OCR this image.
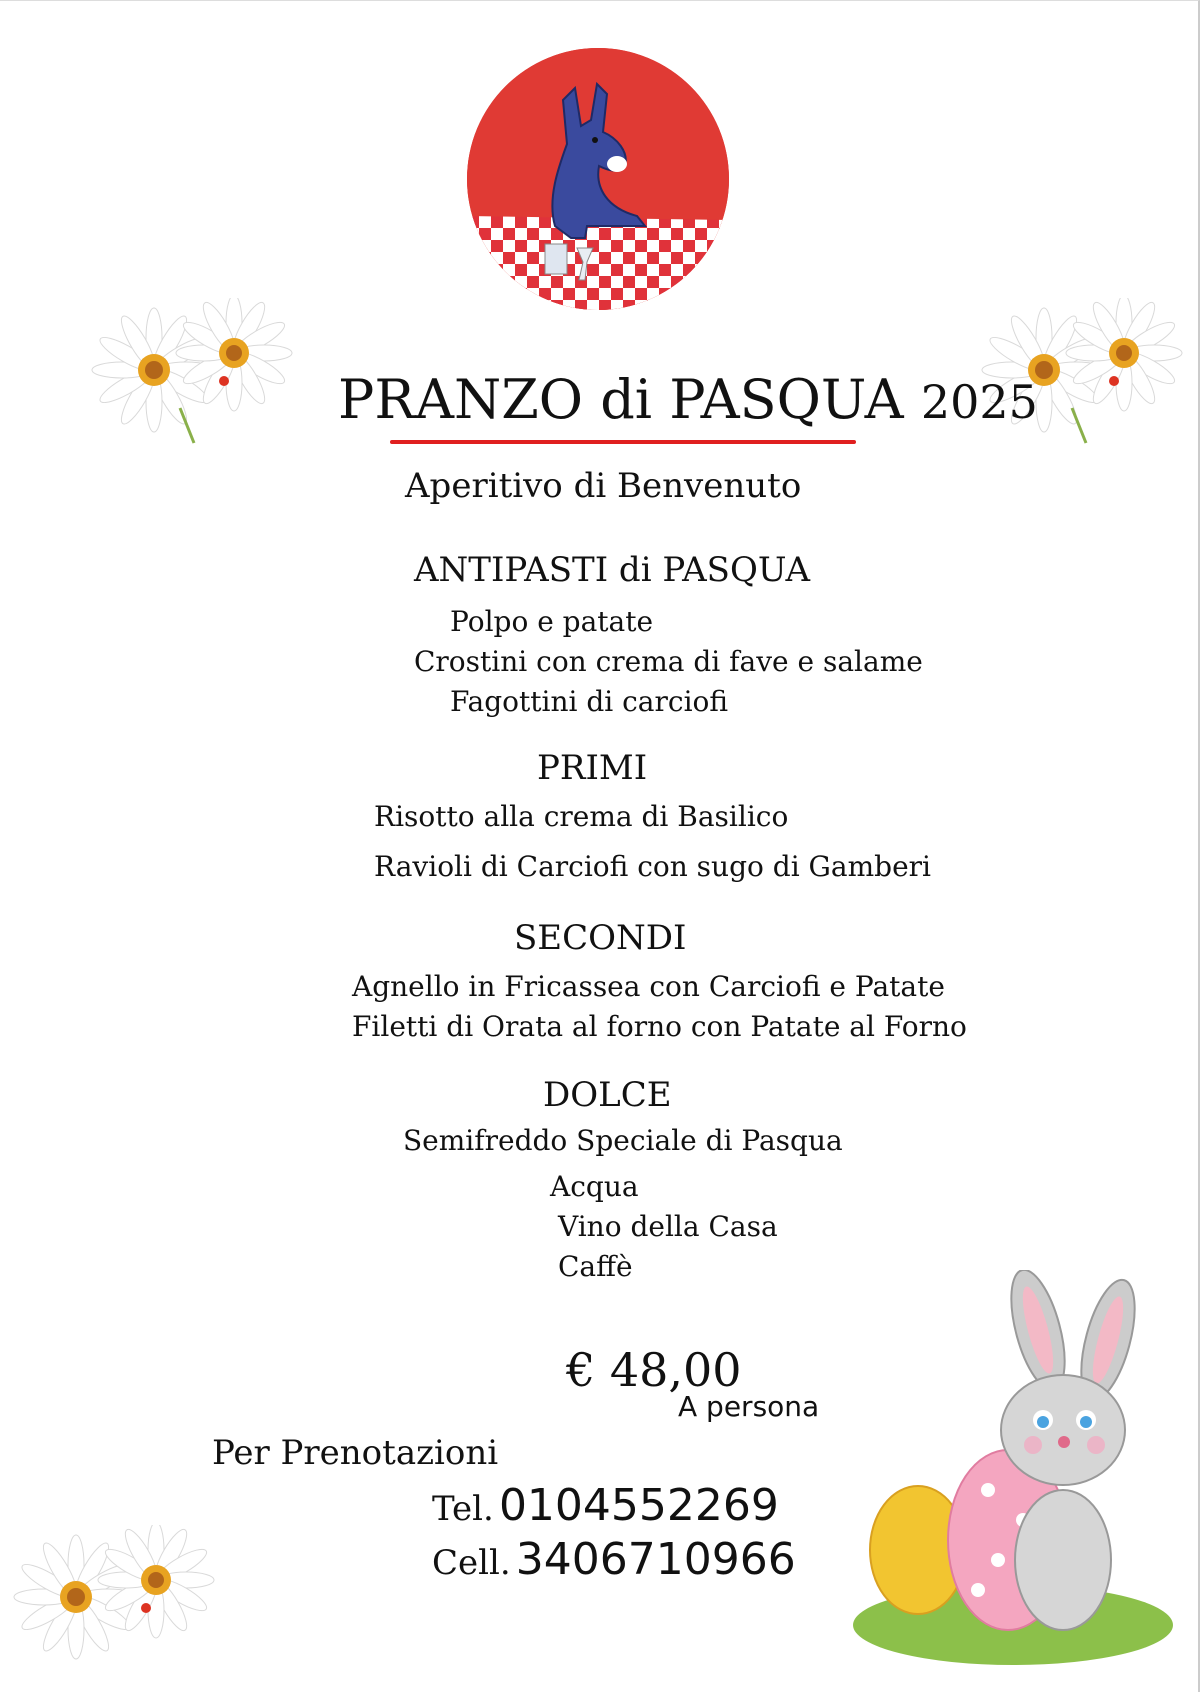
PRANZO di PASQUA 2025
Aperitivo di Benvenuto
ANTIPASTI di PASQUA
Polpo e patate
Crostini con crema di fave e salame
Fagottini di carciofi
PRIMI
Risotto alla crema di Basilico
Ravioli di Carciofi con sugo di Gamberi
SECONDI
Agnello in Fricassea con Carciofi e Patate
Filetti di Orata al forno con Patate al Forno
DOLCE
Semifreddo Speciale di Pasqua
Acqua
Vino della Casa
Caffè
€ 48,00
A persona
Per Prenotazioni
Tel. 0104552269
Cell. 3406710966
